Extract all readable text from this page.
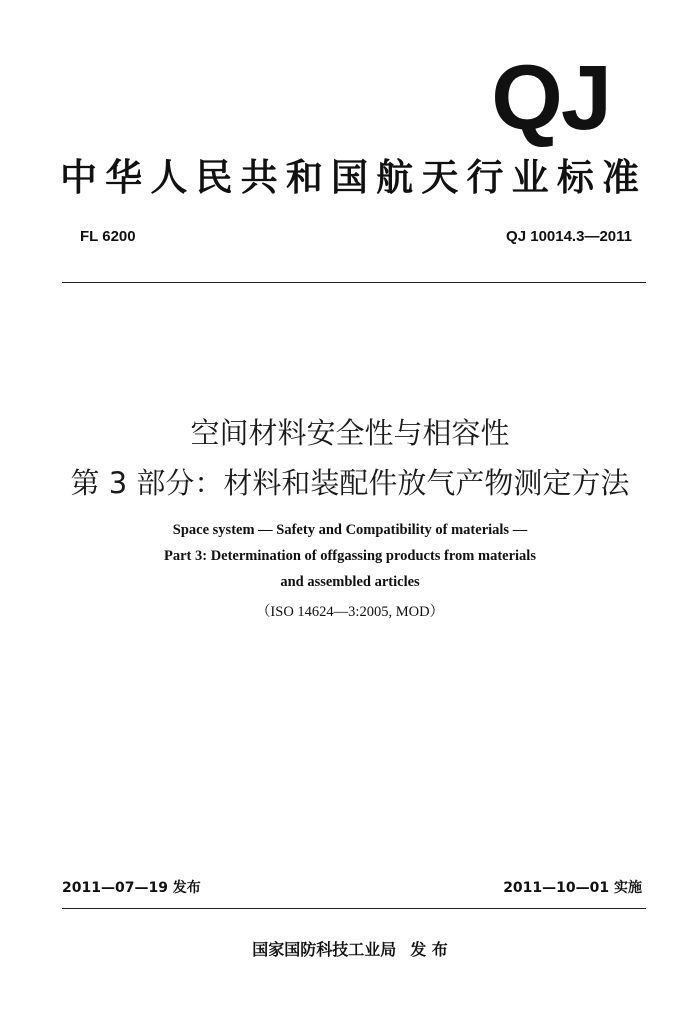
QJ
中华人民共和国航天行业标准
FL 6200	QJ 10014.3—2011
空间材料安全性与相容性
第 3 部分：材料和装配件放气产物测定方法
Space system — Safety and Compatibility of materials —
Part 3: Determination of offgassing products from materials
and assembled articles
（ISO 14624—3:2005, MOD）
2011—07—19 发布	2011—10—01 实施
国家国防科技工业局 发 布
